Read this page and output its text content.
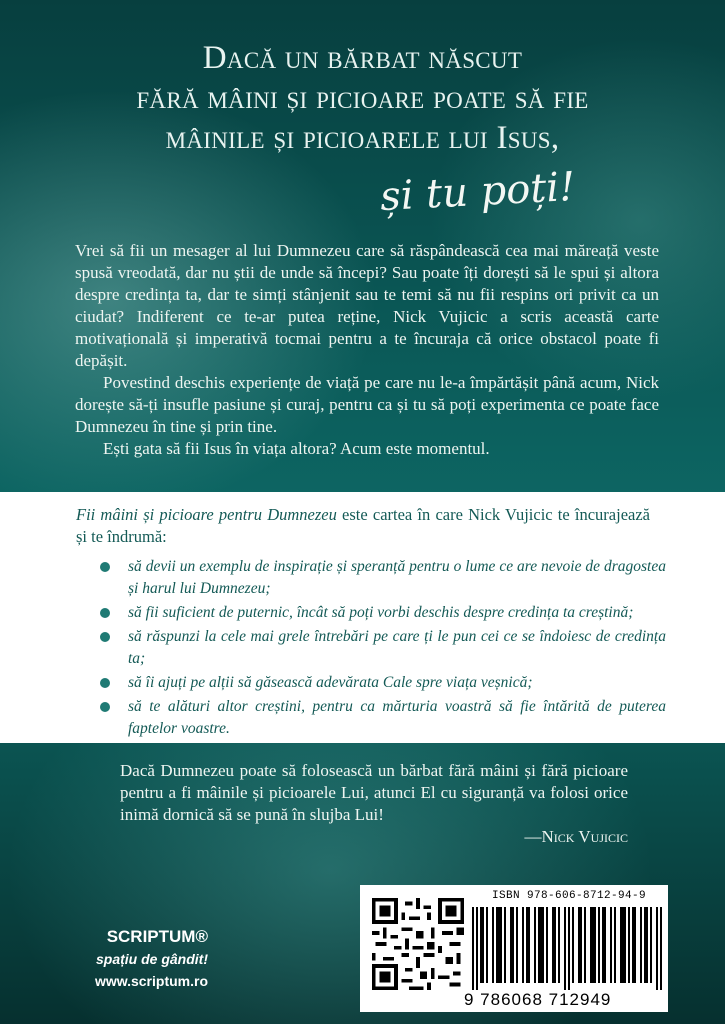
Dacă un bărbat născut
fără mâini și picioare poate să fie
mâinile și picioarele lui Isus,
și tu poți!

Vrei să fii un mesager al lui Dumnezeu care să răspândească cea mai măreață veste spusă vreodată, dar nu știi de unde să începi? Sau poate îți dorești să le spui și altora despre credința ta, dar te simți stânjenit sau te temi să nu fii respins ori privit ca un ciudat? Indiferent ce te-ar putea reține, Nick Vujicic a scris această carte motivațională și imperativă tocmai pentru a te încuraja că orice obstacol poate fi depășit.

Povestind deschis experiențe de viață pe care nu le-a împărtășit până acum, Nick dorește să-ți insufle pasiune și curaj, pentru ca și tu să poți experimenta ce poate face Dumnezeu în tine și prin tine.

Ești gata să fii Isus în viața altora? Acum este momentul.

Fii mâini și picioare pentru Dumnezeu este cartea în care Nick Vujicic te încurajează și te îndrumă:
să devii un exemplu de inspirație și speranță pentru o lume ce are nevoie de dragostea și harul lui Dumnezeu;
să fii suficient de puternic, încât să poți vorbi deschis despre credința ta creștină;
să răspunzi la cele mai grele întrebări pe care ți le pun cei ce se îndoiesc de credința ta;
să îi ajuți pe alții să găsească adevărata Cale spre viața veșnică;
să te alături altor creștini, pentru ca mărturia voastră să fie întărită de puterea faptelor voastre.

Dacă Dumnezeu poate să folosească un bărbat fără mâini și fără picioare pentru a fi mâinile și picioarele Lui, atunci El cu siguranță va folosi orice inimă dornică să se pună în slujba Lui!

—Nick Vujicic

SCRIPTUM®
spațiu de gândit!
www.scriptum.ro
ISBN 978-606-8712-94-9
9 786068 712949
